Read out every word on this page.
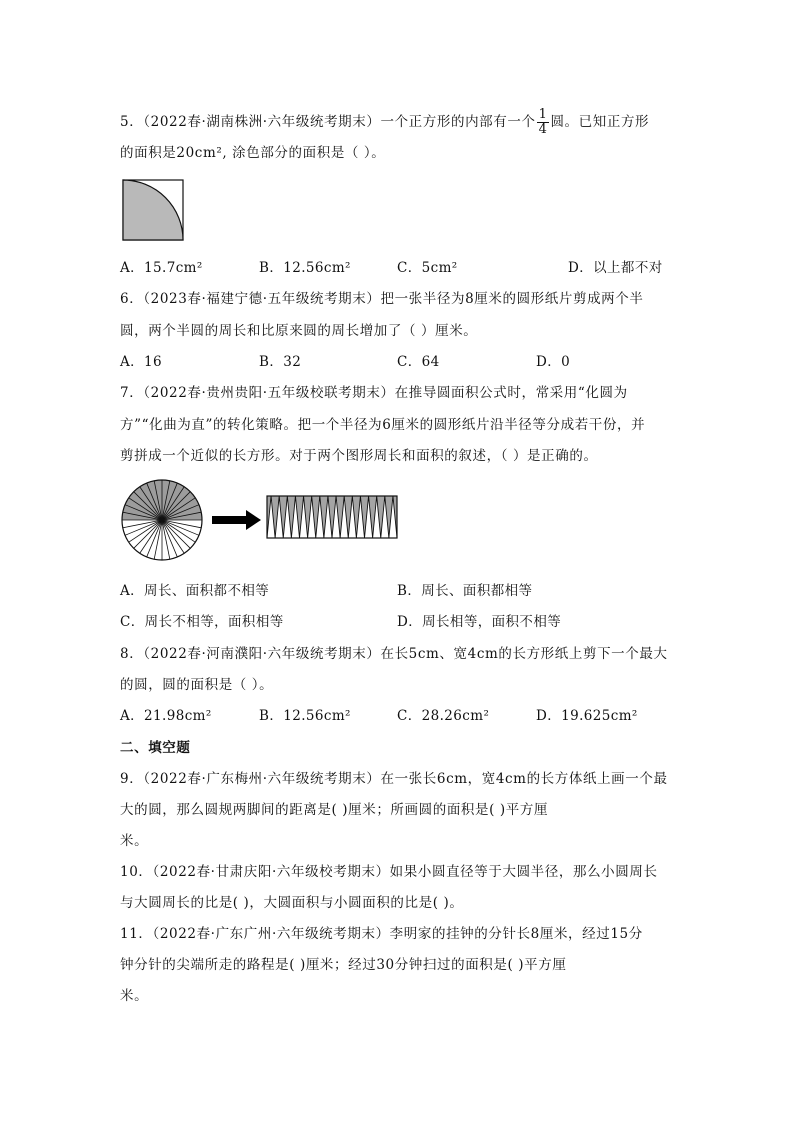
5．（2022春·湖南株洲·六年级统考期末）一个正方形的内部有一个 $\frac{1}{4}$ 圆。已知正方形
的面积是20cm², 涂色部分的面积是（ ）。
A．15.7cm²	B．12.56cm²	C．5cm²	D．以上都不对
6．（2023春·福建宁德·五年级统考期末）把一张半径为8厘米的圆形纸片剪成两个半
圆，两个半圆的周长和比原来圆的周长增加了（ ）厘米。
A．16	B．32	C．64	D．0
7．（2022春·贵州贵阳·五年级校联考期末）在推导圆面积公式时，常采用“化圆为
方”“化曲为直”的转化策略。把一个半径为6厘米的圆形纸片沿半径等分成若干份，并
剪拼成一个近似的长方形。对于两个图形周长和面积的叙述，（ ）是正确的。
A．周长、面积都不相等	B．周长、面积都相等
C．周长不相等，面积相等	D．周长相等，面积不相等
8．（2022春·河南濮阳·六年级统考期末）在长5cm、宽4cm的长方形纸上剪下一个最大
的圆，圆的面积是（ ）。
A．21.98cm²	B．12.56cm²	C．28.26cm²	D．19.625cm²
二、填空题
9．（2022春·广东梅州·六年级统考期末）在一张长6cm，宽4cm的长方体纸上画一个最
大的圆，那么圆规两脚间的距离是( )厘米；所画圆的面积是( )平方厘
米。
10．（2022春·甘肃庆阳·六年级校考期末）如果小圆直径等于大圆半径，那么小圆周长
与大圆周长的比是( )，大圆面积与小圆面积的比是( )。
11．（2022春·广东广州·六年级统考期末）李明家的挂钟的分针长8厘米，经过15分
钟分针的尖端所走的路程是( )厘米；经过30分钟扫过的面积是( )平方厘
米。
